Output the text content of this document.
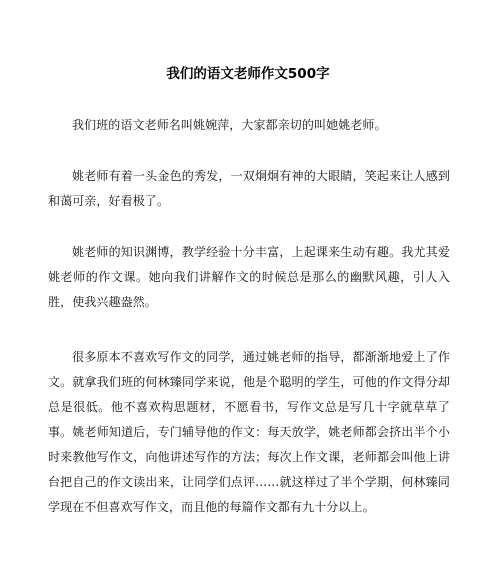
我们的语文老师作文500字

我们班的语文老师名叫姚婉萍，大家都亲切的叫她姚老师。

姚老师有着一头金色的秀发，一双炯炯有神的大眼睛，笑起来让人感到和蔼可亲，好看极了。

姚老师的知识渊博，教学经验十分丰富，上起课来生动有趣。我尤其爱姚老师的作文课。她向我们讲解作文的时候总是那么的幽默风趣，引人入胜，使我兴趣盎然。

很多原本不喜欢写作文的同学，通过姚老师的指导，都渐渐地爱上了作文。就拿我们班的何林臻同学来说，他是个聪明的学生，可他的作文得分却总是很低。他不喜欢构思题材，不愿看书，写作文总是写几十字就草草了事。姚老师知道后，专门辅导他的作文：每天放学，姚老师都会挤出半个小时来教他写作文，向他讲述写作的方法；每次上作文课，老师都会叫他上讲台把自己的作文读出来，让同学们点评……就这样过了半个学期，何林臻同学现在不但喜欢写作文，而且他的每篇作文都有九十分以上。
